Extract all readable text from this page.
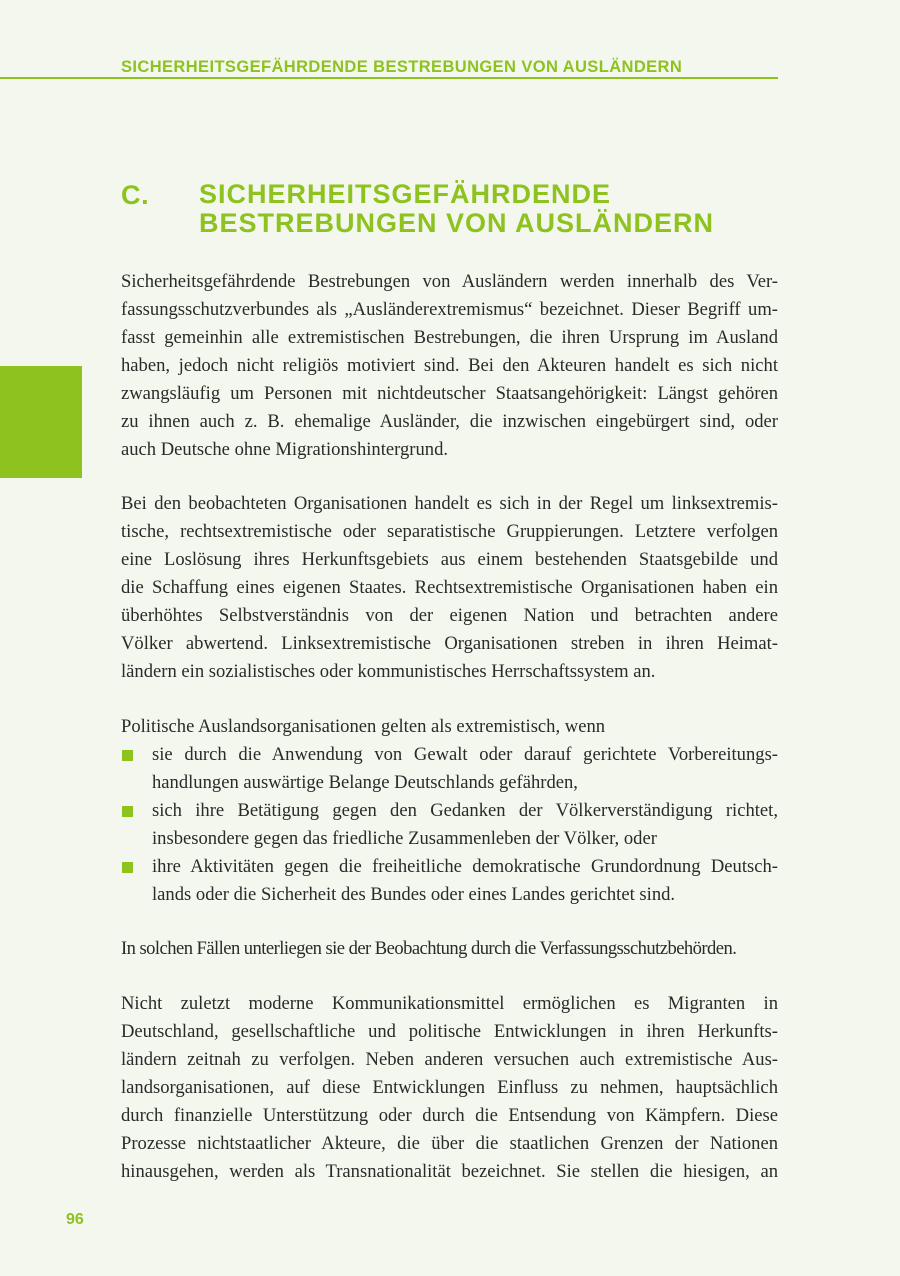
SICHERHEITSGEFÄHRDENDE BESTREBUNGEN VON AUSLÄNDERN
C. SICHERHEITSGEFÄHRDENDE
BESTREBUNGEN VON AUSLÄNDERN
Sicherheitsgefährdende Bestrebungen von Ausländern werden innerhalb des Ver-
fassungsschutzverbundes als „Ausländerextremismus“ bezeichnet. Dieser Begriff um-
fasst gemeinhin alle extremistischen Bestrebungen, die ihren Ursprung im Ausland
haben, jedoch nicht religiös motiviert sind. Bei den Akteuren handelt es sich nicht
zwangsläufig um Personen mit nichtdeutscher Staatsangehörigkeit: Längst gehören
zu ihnen auch z. B. ehemalige Ausländer, die inzwischen eingebürgert sind, oder
auch Deutsche ohne Migrationshintergrund.
Bei den beobachteten Organisationen handelt es sich in der Regel um linksextremis-
tische, rechtsextremistische oder separatistische Gruppierungen. Letztere verfolgen
eine Loslösung ihres Herkunftsgebiets aus einem bestehenden Staatsgebilde und
die Schaffung eines eigenen Staates. Rechtsextremistische Organisationen haben ein
überhöhtes Selbstverständnis von der eigenen Nation und betrachten andere
Völker abwertend. Linksextremistische Organisationen streben in ihren Heimat-
ländern ein sozialistisches oder kommunistisches Herrschaftssystem an.
Politische Auslandsorganisationen gelten als extremistisch, wenn
sie durch die Anwendung von Gewalt oder darauf gerichtete Vorbereitungs-
handlungen auswärtige Belange Deutschlands gefährden,
sich ihre Betätigung gegen den Gedanken der Völkerverständigung richtet,
insbesondere gegen das friedliche Zusammenleben der Völker, oder
ihre Aktivitäten gegen die freiheitliche demokratische Grundordnung Deutsch-
lands oder die Sicherheit des Bundes oder eines Landes gerichtet sind.
In solchen Fällen unterliegen sie der Beobachtung durch die Verfassungsschutzbehörden.
Nicht zuletzt moderne Kommunikationsmittel ermöglichen es Migranten in
Deutschland, gesellschaftliche und politische Entwicklungen in ihren Herkunfts-
ländern zeitnah zu verfolgen. Neben anderen versuchen auch extremistische Aus-
landsorganisationen, auf diese Entwicklungen Einfluss zu nehmen, hauptsächlich
durch finanzielle Unterstützung oder durch die Entsendung von Kämpfern. Diese
Prozesse nichtstaatlicher Akteure, die über die staatlichen Grenzen der Nationen
hinausgehen, werden als Transnationalität bezeichnet. Sie stellen die hiesigen, an
96
